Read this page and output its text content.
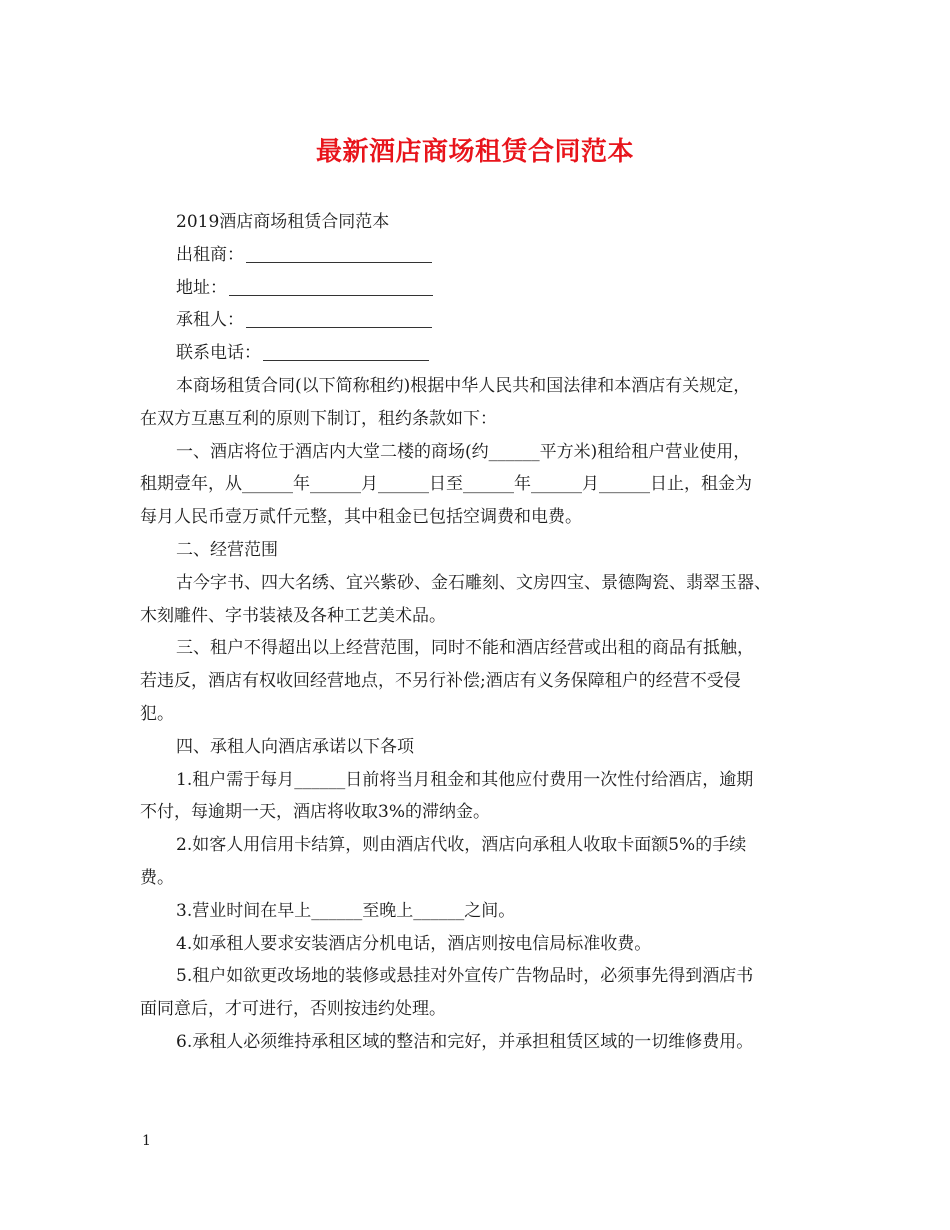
最新酒店商场租赁合同范本
2019酒店商场租赁合同范本
出租商：
地址：
承租人：
联系电话：
本商场租赁合同(以下简称租约)根据中华人民共和国法律和本酒店有关规定，
在双方互惠互利的原则下制订，租约条款如下：
一、酒店将位于酒店内大堂二楼的商场(约______平方米)租给租户营业使用，
租期壹年，从______年______月______日至______年______月______日止，租金为
每月人民币壹万贰仟元整，其中租金已包括空调费和电费。
二、经营范围
古今字书、四大名绣、宜兴紫砂、金石雕刻、文房四宝、景德陶瓷、翡翠玉器、
木刻雕件、字书装裱及各种工艺美术品。
三、租户不得超出以上经营范围，同时不能和酒店经营或出租的商品有抵触，
若违反，酒店有权收回经营地点，不另行补偿;酒店有义务保障租户的经营不受侵
犯。
四、承租人向酒店承诺以下各项
1.租户需于每月______日前将当月租金和其他应付费用一次性付给酒店，逾期
不付，每逾期一天，酒店将收取3%的滞纳金。
2.如客人用信用卡结算，则由酒店代收，酒店向承租人收取卡面额5%的手续
费。
3.营业时间在早上______至晚上______之间。
4.如承租人要求安装酒店分机电话，酒店则按电信局标准收费。
5.租户如欲更改场地的装修或悬挂对外宣传广告物品时，必须事先得到酒店书
面同意后，才可进行，否则按违约处理。
6.承租人必须维持承租区域的整洁和完好，并承担租赁区域的一切维修费用。
1
